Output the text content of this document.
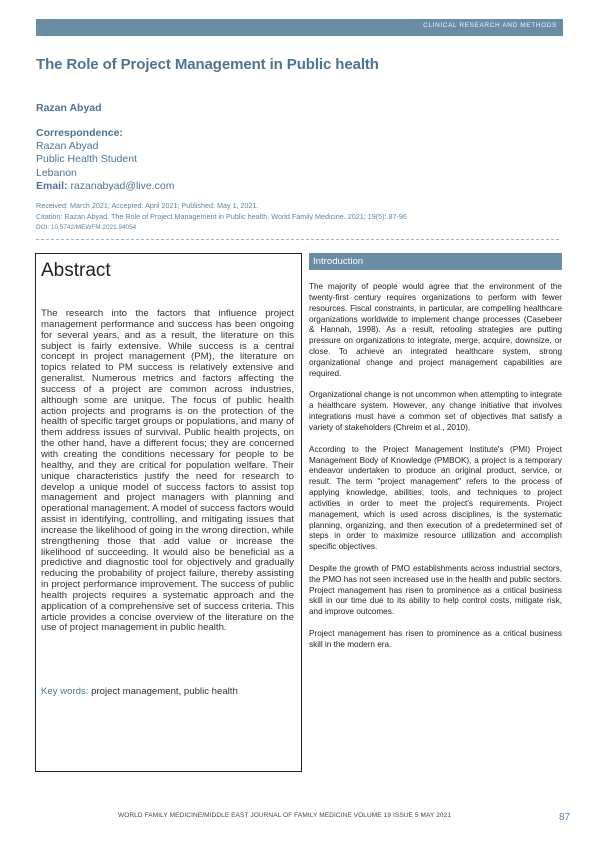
CLINICAL RESEARCH AND METHODS
The Role of Project Management in Public health
Razan Abyad
Correspondence:
Razan Abyad
Public Health Student
Lebanon
Email: razanabyad@live.com
Received: March 2021; Accepted: April 2021; Published: May 1, 2021.
Citation: Razan Abyad. The Role of Project Management in Public health. World Family Medicine. 2021; 19(5): 87-96
DOI: 10.5742/MEWFM.2021.94054
Abstract
The research into the factors that influence project management performance and success has been ongoing for several years, and as a result, the literature on this subject is fairly extensive. While success is a central concept in project management (PM), the literature on topics related to PM success is relatively extensive and generalist. Numerous metrics and factors affecting the success of a project are common across industries, although some are unique. The focus of public health action projects and programs is on the protection of the health of specific target groups or populations, and many of them address issues of survival. Public health projects, on the other hand, have a different focus; they are concerned with creating the conditions necessary for people to be healthy, and they are critical for population welfare. Their unique characteristics justify the need for research to develop a unique model of success factors to assist top management and project managers with planning and operational management. A model of success factors would assist in identifying, controlling, and mitigating issues that increase the likelihood of going in the wrong direction, while strengthening those that add value or increase the likelihood of succeeding. It would also be beneficial as a predictive and diagnostic tool for objectively and gradually reducing the probability of project failure, thereby assisting in project performance improvement. The success of public health projects requires a systematic approach and the application of a comprehensive set of success criteria. This article provides a concise overview of the literature on the use of project management in public health.
Key words: project management, public health
Introduction

The majority of people would agree that the environment of the twenty-first century requires organizations to perform with fewer resources. Fiscal constraints, in particular, are compelling healthcare organizations worldwide to implement change processes (Casebeer & Hannah, 1998). As a result, retooling strategies are putting pressure on organizations to integrate, merge, acquire, downsize, or close. To achieve an integrated healthcare system, strong organizational change and project management capabilities are required.

Organizational change is not uncommon when attempting to integrate a healthcare system. However, any change initiative that involves integrations must have a common set of objectives that satisfy a variety of stakeholders (Chreim et al., 2010).

According to the Project Management Institute's (PMI) Project Management Body of Knowledge (PMBOK), a project is a temporary endeavor undertaken to produce an original product, service, or result. The term "project management" refers to the process of applying knowledge, abilities, tools, and techniques to project activities in order to meet the project's requirements. Project management, which is used across disciplines, is the systematic planning, organizing, and then execution of a predetermined set of steps in order to maximize resource utilization and accomplish specific objectives.

Despite the growth of PMO establishments across industrial sectors, the PMO has not seen increased use in the health and public sectors. Project management has risen to prominence as a critical business skill in our time due to its ability to help control costs, mitigate risk, and improve outcomes.

Project management has risen to prominence as a critical business skill in the modern era.

WORLD FAMILY MEDICINE/MIDDLE EAST JOURNAL OF FAMILY MEDICINE VOLUME 19 ISSUE 5 MAY 2021	87
